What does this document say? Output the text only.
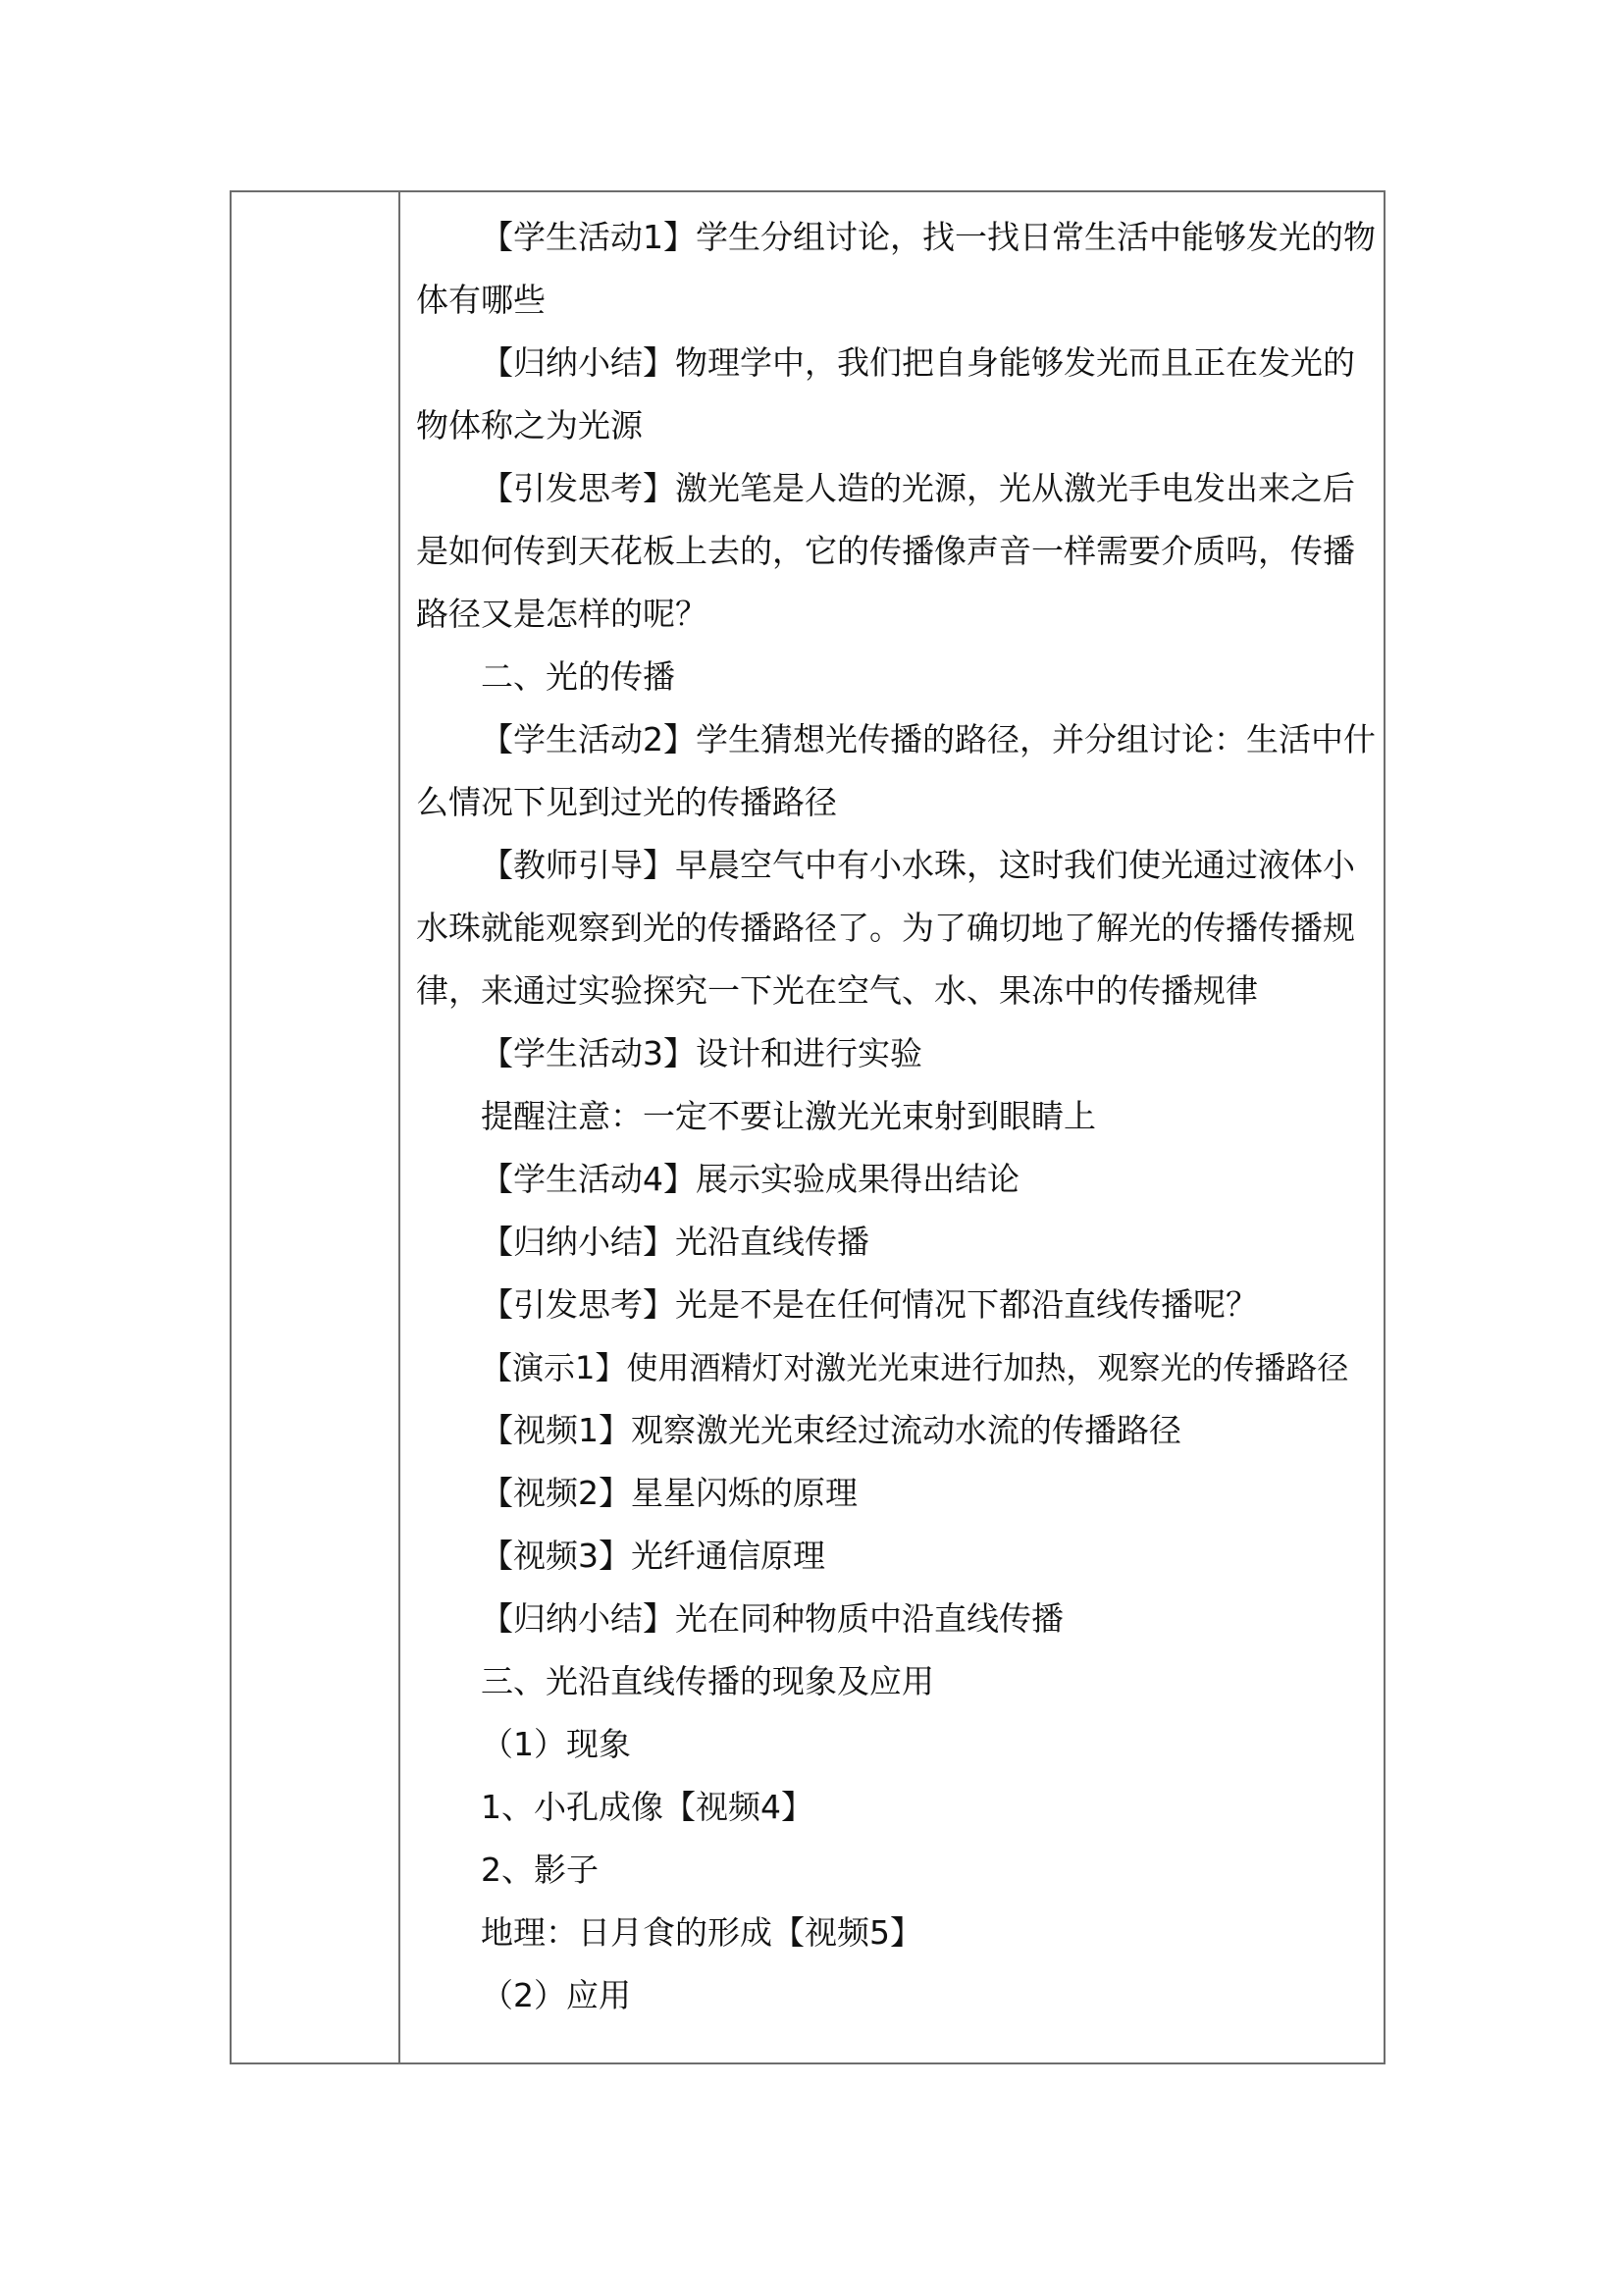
【学生活动1】学生分组讨论，找一找日常生活中能够发光的物

体有哪些

【归纳小结】物理学中，我们把自身能够发光而且正在发光的

物体称之为光源

【引发思考】激光笔是人造的光源，光从激光手电发出来之后

是如何传到天花板上去的，它的传播像声音一样需要介质吗，传播

路径又是怎样的呢？

二、光的传播

【学生活动2】学生猜想光传播的路径，并分组讨论：生活中什

么情况下见到过光的传播路径

【教师引导】早晨空气中有小水珠，这时我们使光通过液体小

水珠就能观察到光的传播路径了。为了确切地了解光的传播传播规

律，来通过实验探究一下光在空气、水、果冻中的传播规律

【学生活动3】设计和进行实验

提醒注意：一定不要让激光光束射到眼睛上

【学生活动4】展示实验成果得出结论

【归纳小结】光沿直线传播

【引发思考】光是不是在任何情况下都沿直线传播呢？

【演示1】使用酒精灯对激光光束进行加热，观察光的传播路径

【视频1】观察激光光束经过流动水流的传播路径

【视频2】星星闪烁的原理

【视频3】光纤通信原理

【归纳小结】光在同种物质中沿直线传播

三、光沿直线传播的现象及应用

（1）现象

1、小孔成像【视频4】

2、影子

地理：日月食的形成【视频5】

（2）应用
